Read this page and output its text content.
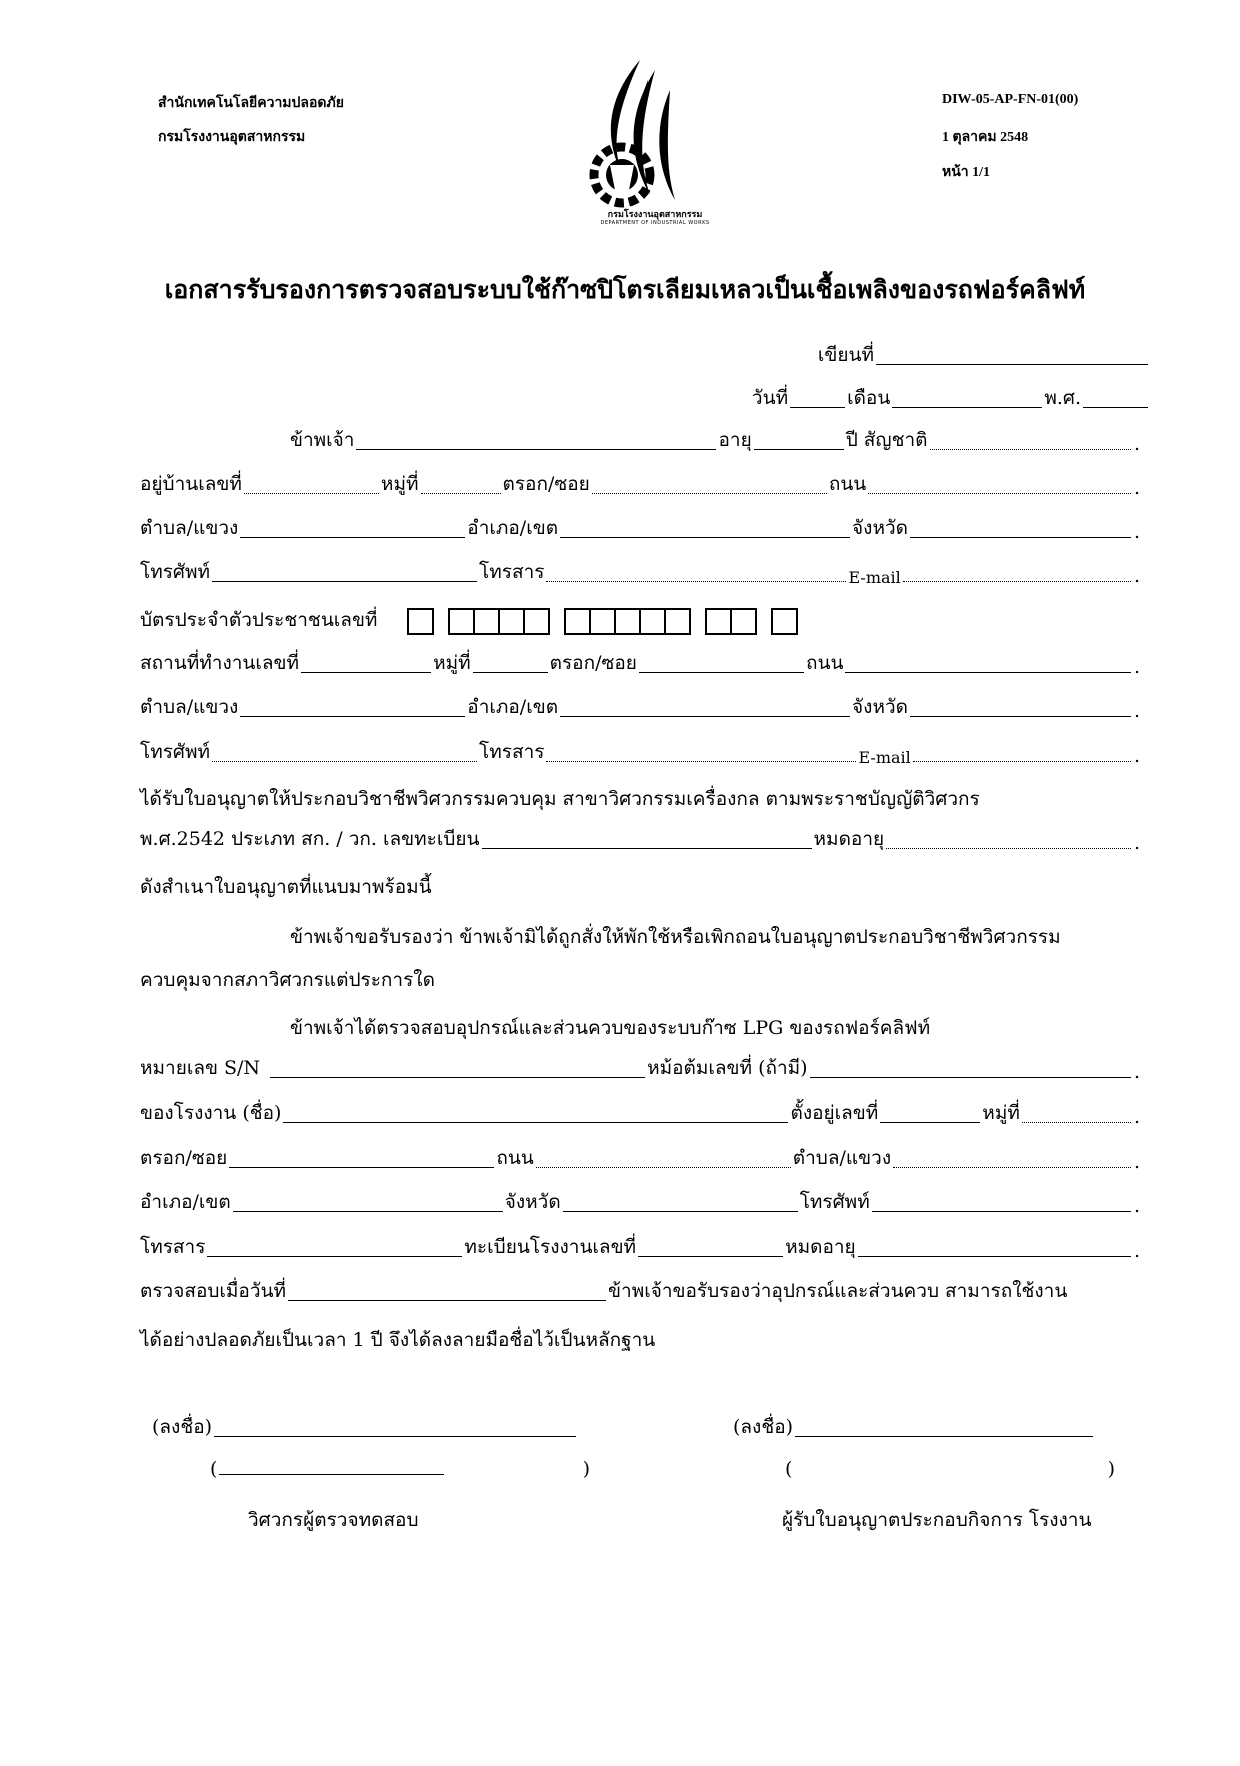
สำนักเทคโนโลยีความปลอดภัย
กรมโรงงานอุตสาหกรรม
DIW-05-AP-FN-01(00)
1 ตุลาคม 2548
หน้า 1/1
กรมโรงงานอุตสาหกรรม
DEPARTMENT OF INDUSTRIAL WORKS
เอกสารรับรองการตรวจสอบระบบใช้ก๊าซปิโตรเลียมเหลวเป็นเชื้อเพลิงของรถฟอร์คลิฟท์
เขียนที่
วันที่	เดือน	พ.ศ.
ข้าพเจ้า	อายุ	ปี สัญชาติ	.
อยู่บ้านเลขที่	หมู่ที่	ตรอก/ซอย	ถนน	.
ตำบล/แขวง	อำเภอ/เขต	จังหวัด	.
โทรศัพท์	โทรสาร	E-mail	.
บัตรประจำตัวประชาชนเลขที่
สถานที่ทำงานเลขที่	หมู่ที่	ตรอก/ซอย	ถนน	.
ตำบล/แขวง	อำเภอ/เขต	จังหวัด	.
โทรศัพท์	โทรสาร	E-mail	.
ได้รับใบอนุญาตให้ประกอบวิชาชีพวิศวกรรมควบคุม สาขาวิศวกรรมเครื่องกล ตามพระราชบัญญัติวิศวกร
พ.ศ.2542 ประเภท สก. / วก. เลขทะเบียน	หมดอายุ	.
ดังสำเนาใบอนุญาตที่แนบมาพร้อมนี้
ข้าพเจ้าขอรับรองว่า ข้าพเจ้ามิได้ถูกสั่งให้พักใช้หรือเพิกถอนใบอนุญาตประกอบวิชาชีพวิศวกรรม
ควบคุมจากสภาวิศวกรแต่ประการใด
ข้าพเจ้าได้ตรวจสอบอุปกรณ์และส่วนควบของระบบก๊าซ LPG ของรถฟอร์คลิฟท์
หมายเลข S/N	หม้อต้มเลขที่ (ถ้ามี)	.
ของโรงงาน (ชื่อ)	ตั้งอยู่เลขที่	หมู่ที่	.
ตรอก/ซอย	ถนน	ตำบล/แขวง	.
อำเภอ/เขต	จังหวัด	โทรศัพท์	.
โทรสาร	ทะเบียนโรงงานเลขที่	หมดอายุ	.
ตรวจสอบเมื่อวันที่	ข้าพเจ้าขอรับรองว่าอุปกรณ์และส่วนควบ สามารถใช้งาน
ได้อย่างปลอดภัยเป็นเวลา 1 ปี จึงได้ลงลายมือชื่อไว้เป็นหลักฐาน
(ลงชื่อ)	(ลงชื่อ)
(	)	(	)
วิศวกรผู้ตรวจทดสอบ	ผู้รับใบอนุญาตประกอบกิจการ โรงงาน
